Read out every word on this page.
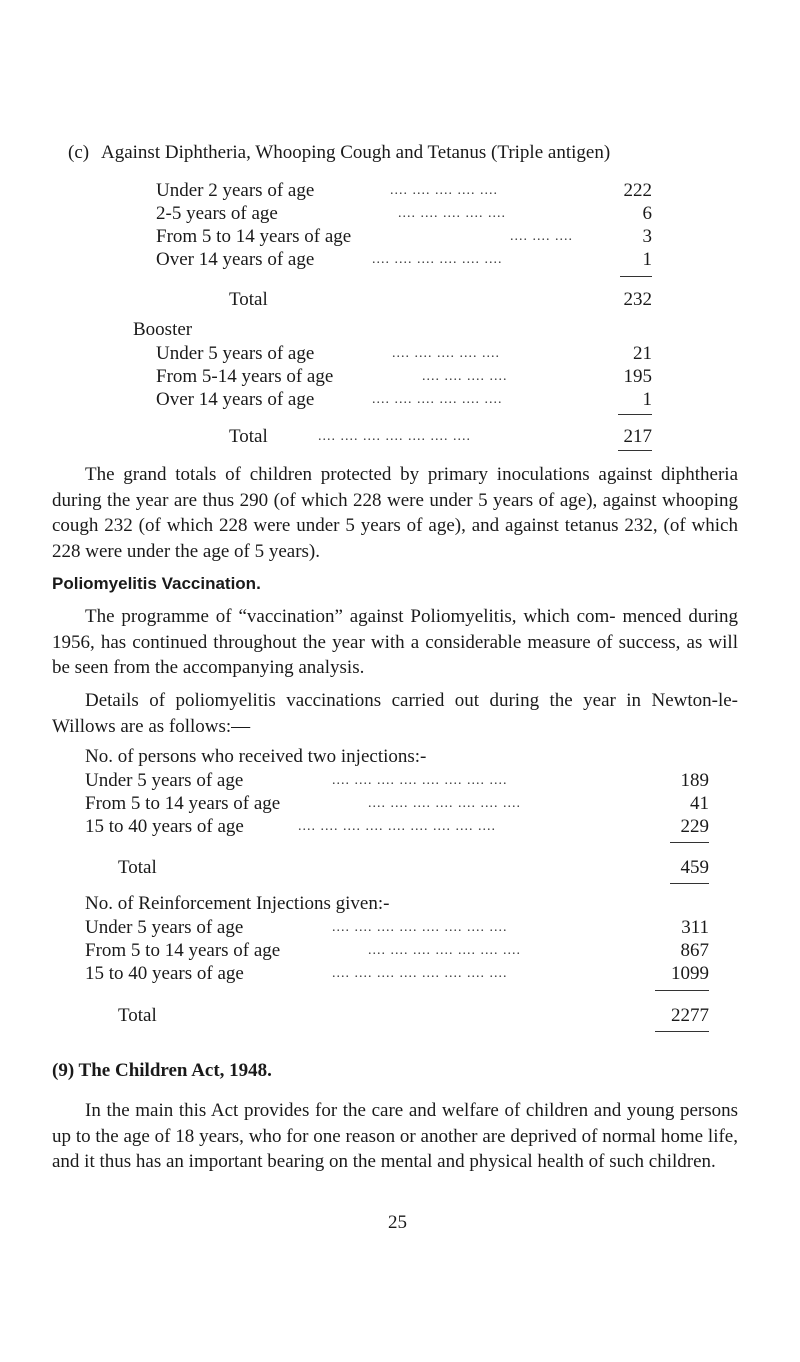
(c) Against Diphtheria, Whooping Cough and Tetanus (Triple antigen)
Under 2 years of age	.... .... .... .... ....	222
2-5 years of age	.... .... .... .... ....	6
From 5 to 14 years of age	.... .... ....	3
Over 14 years of age	.... .... .... .... .... ....	1
Total	232
Booster
Under 5 years of age	.... .... .... .... ....	21
From 5-14 years of age	.... .... .... ....	195
Over 14 years of age	.... .... .... .... .... ....	1
Total	.... .... .... .... .... .... ....	217
The grand totals of children protected by primary inoculations against diphtheria during the year are thus 290 (of which 228 were under 5 years of age), against whooping cough 232 (of which 228 were under 5 years of age), and against tetanus 232, (of which 228 were under the age of 5 years).
Poliomyelitis Vaccination.
The programme of “vaccination” against Poliomyelitis, which com- menced during 1956, has continued throughout the year with a considerable measure of success, as will be seen from the accompanying analysis.
Details of poliomyelitis vaccinations carried out during the year in Newton-le-Willows are as follows:—
No. of persons who received two injections:-
Under 5 years of age	.... .... .... .... .... .... .... ....	189
From 5 to 14 years of age	.... .... .... .... .... .... ....	41
15 to 40 years of age	.... .... .... .... .... .... .... .... ....	229
Total	459
No. of Reinforcement Injections given:-
Under 5 years of age	.... .... .... .... .... .... .... ....	311
From 5 to 14 years of age	.... .... .... .... .... .... ....	867
15 to 40 years of age	.... .... .... .... .... .... .... ....	1099
Total	2277
(9) The Children Act, 1948.
In the main this Act provides for the care and welfare of children and young persons up to the age of 18 years, who for one reason or another are deprived of normal home life, and it thus has an important bearing on the mental and physical health of such children.
25
